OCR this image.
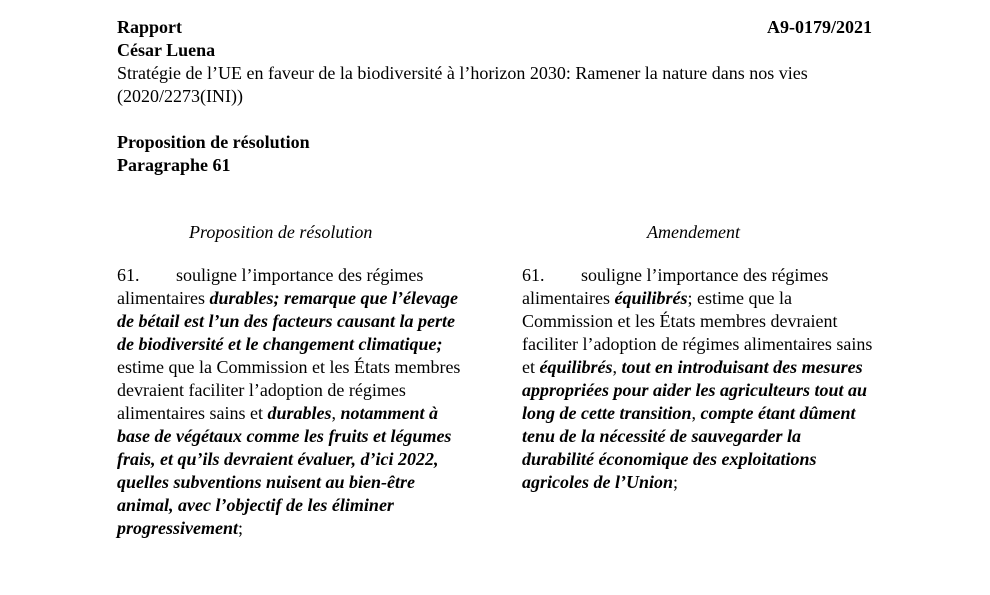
Rapport	A9-0179/2021
César Luena
Stratégie de l’UE en faveur de la biodiversité à l’horizon 2030: Ramener la nature dans nos vies
(2020/2273(INI))
Proposition de résolution
Paragraphe 61
Proposition de résolution	Amendement
61. souligne l’importance des régimes alimentaires durables; remarque que l’élevage de bétail est l’un des facteurs causant la perte de biodiversité et le changement climatique; estime que la Commission et les États membres devraient faciliter l’adoption de régimes alimentaires sains et durables, notamment à base de végétaux comme les fruits et légumes frais, et qu’ils devraient évaluer, d’ici 2022, quelles subventions nuisent au bien-être animal, avec l’objectif de les éliminer progressivement;
61. souligne l’importance des régimes alimentaires équilibrés; estime que la Commission et les États membres devraient faciliter l’adoption de régimes alimentaires sains et équilibrés, tout en introduisant des mesures appropriées pour aider les agriculteurs tout au long de cette transition, compte étant dûment tenu de la nécessité de sauvegarder la durabilité économique des exploitations agricoles de l’Union;
